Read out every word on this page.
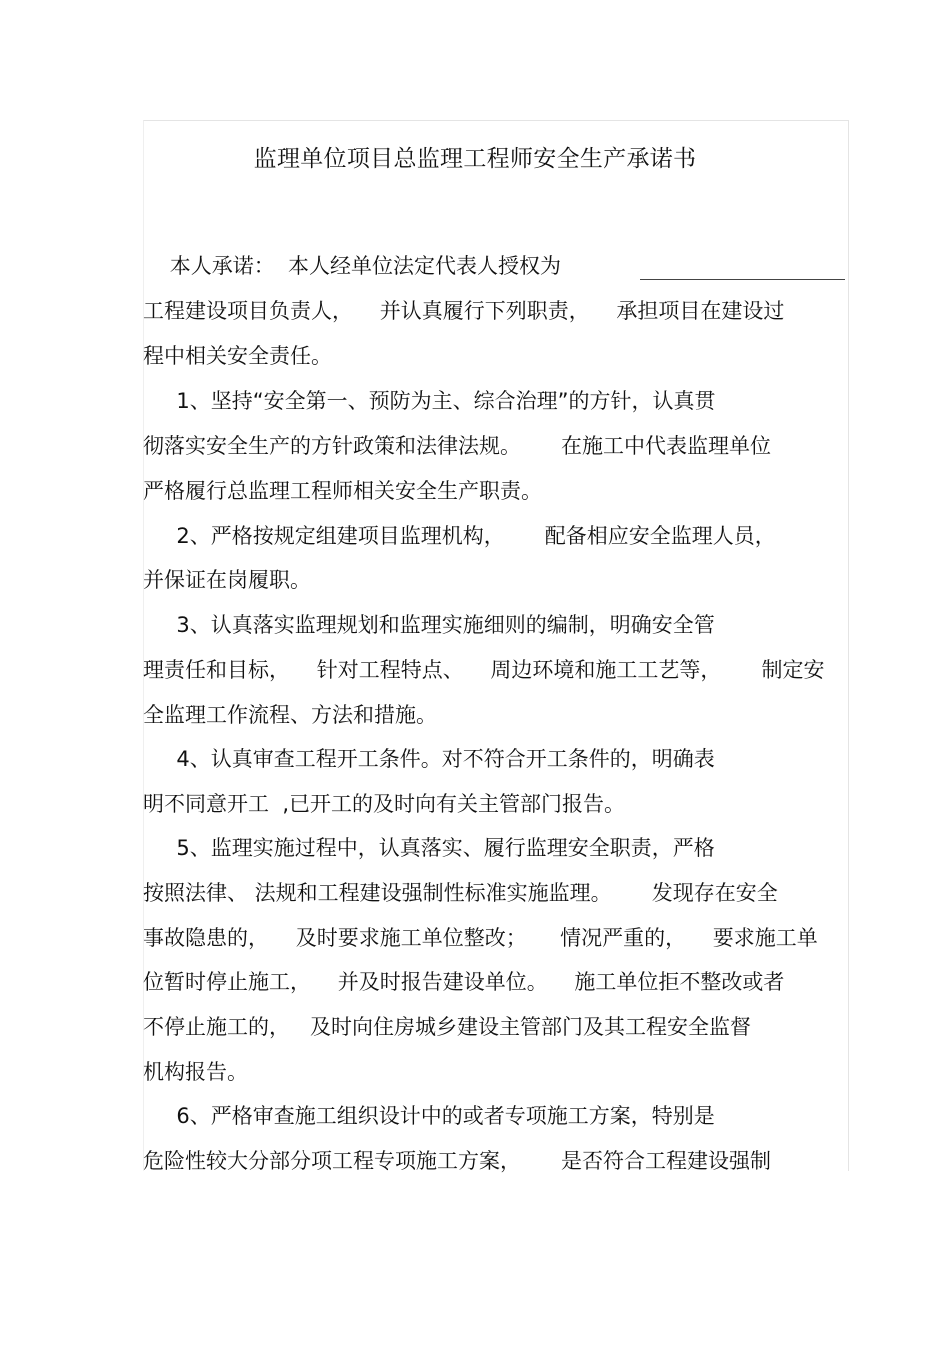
监理单位项目总监理工程师安全生产承诺书
本人承诺：  本人经单位法定代表人授权为
工程建设项目负责人，    并认真履行下列职责，    承担项目在建设过
程中相关安全责任。
1、坚持“安全第一、预防为主、综合治理”的方针，认真贯
彻落实安全生产的方针政策和法律法规。      在施工中代表监理单位
严格履行总监理工程师相关安全生产职责。
2、严格按规定组建项目监理机构，      配备相应安全监理人员，
并保证在岗履职。
3、认真落实监理规划和监理实施细则的编制，明确安全管
理责任和目标，    针对工程特点、    周边环境和施工工艺等，      制定安
全监理工作流程、方法和措施。
4、认真审查工程开工条件。对不符合开工条件的，明确表
明不同意开工  ,已开工的及时向有关主管部门报告。
5、监理实施过程中，认真落实、履行监理安全职责，严格
按照法律、 法规和工程建设强制性标准实施监理。      发现存在安全
事故隐患的，    及时要求施工单位整改；     情况严重的，    要求施工单
位暂时停止施工，    并及时报告建设单位。    施工单位拒不整改或者
不停止施工的，   及时向住房城乡建设主管部门及其工程安全监督
机构报告。
6、严格审查施工组织设计中的或者专项施工方案，特别是
危险性较大分部分项工程专项施工方案，      是否符合工程建设强制
